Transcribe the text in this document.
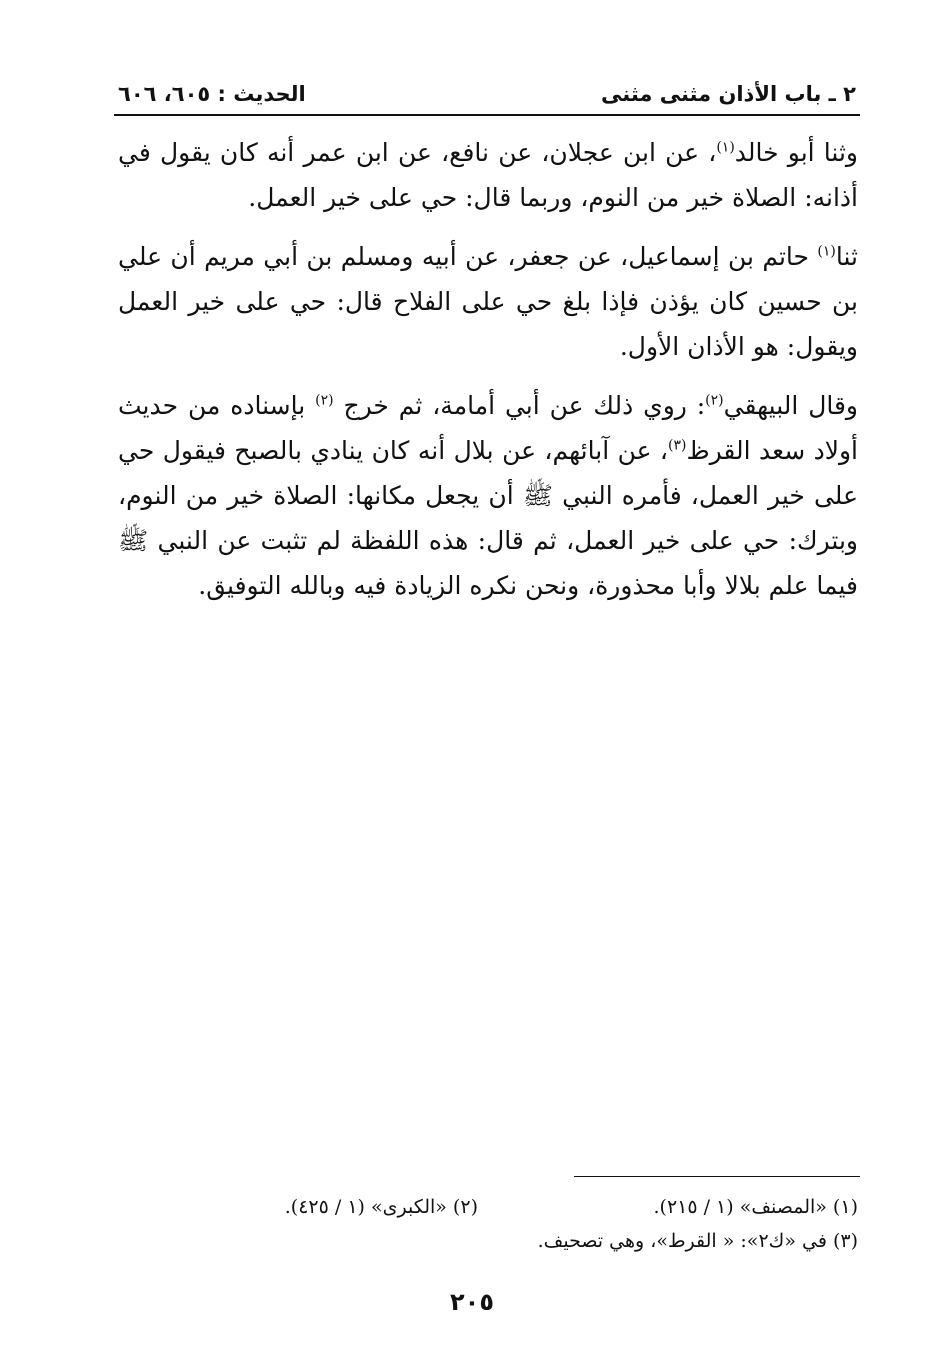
٢ ـ باب الأذان مثنى مثنى
الحديث : ٦٠٥، ٦٠٦

وثنا أبو خالد$^{(١)}$، عن ابن عجلان، عن نافع، عن ابن عمر أنه كان يقول في أذانه: الصلاة خير من النوم، وربما قال: حي على خير العمل.

ثنا$^{(١)}$ حاتم بن إسماعيل، عن جعفر، عن أبيه ومسلم بن أبي مريم أن علي بن حسين كان يؤذن فإذا بلغ حي على الفلاح قال: حي على خير العمل ويقول: هو الأذان الأول.

وقال البيهقي$^{(٢)}$: روي ذلك عن أبي أمامة، ثم خرج $^{(٢)}$ بإسناده من حديث أولاد سعد القرظ$^{(٣)}$، عن آبائهم، عن بلال أنه كان ينادي بالصبح فيقول حي على خير العمل، فأمره النبي ﷺ أن يجعل مكانها: الصلاة خير من النوم، وبترك: حي على خير العمل، ثم قال: هذه اللفظة لم تثبت عن النبي ﷺ فيما علم بلالا وأبا محذورة، ونحن نكره الزيادة فيه وبالله التوفيق.

(١) «المصنف» (١ / ٢١٥).
(٢) «الكبرى» (١ / ٤٢٥).
(٣) في «ك٢»: « القرط»، وهي تصحيف.
٢٠٥
